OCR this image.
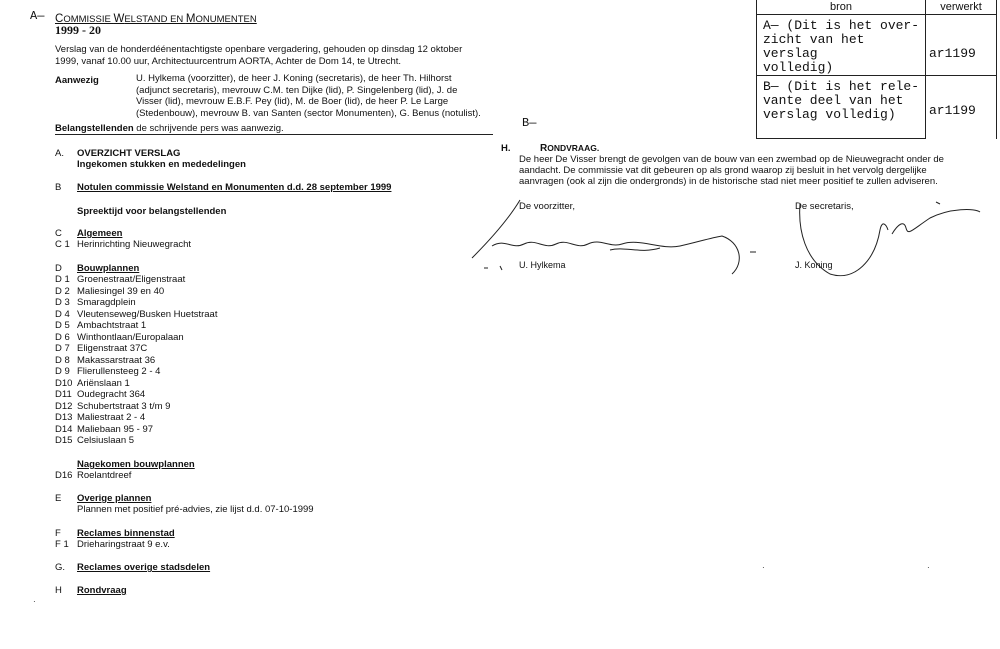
A— COMMISSIE WELSTAND EN MONUMENTEN
1999 - 20
Verslag van de honderdéénentachtigste openbare vergadering, gehouden op dinsdag 12 oktober
1999, vanaf 10.00 uur, Architectuurcentrum AORTA, Achter de Dom 14, te Utrecht.
Aanwezig	U. Hylkema (voorzitter), de heer J. Koning (secretaris), de heer Th. Hilhorst (adjunct secretaris), mevrouw C.M. ten Dijke (lid), P. Singelenberg (lid), J. de Visser (lid), mevrouw E.B.F. Pey (lid), M. de Boer (lid), de heer P. Le Large (Stedenbouw), mevrouw B. van Santen (sector Monumenten), G. Benus (notulist).
Belangstellenden de schrijvende pers was aanwezig.
A. OVERZICHT VERSLAG
Ingekomen stukken en mededelingen
B Notulen commissie Welstand en Monumenten d.d. 28 september 1999
Spreektijd voor belangstellenden
C Algemeen
C 1 Herinrichting Nieuwegracht
D Bouwplannen
D 1 Groenestraat/Eligenstraat
D 2 Maliesingel 39 en 40
D 3 Smaragdplein
D 4 Vleutenseweg/Busken Huetstraat
D 5 Ambachtstraat 1
D 6 Winthontlaan/Europalaan
D 7 Eligenstraat 37C
D 8 Makassarstraat 36
D 9 Flierullensteeg 2 - 4
D10 Ariënslaan 1
D11 Oudegracht 364
D12 Schubertstraat 3 t/m 9
D13 Maliestraat 2 - 4
D14 Maliebaan 95 - 97
D15 Celsiuslaan 5
Nagekomen bouwplannen
D16 Roelantdreef
E Overige plannen
Plannen met positief pré-advies, zie lijst d.d. 07-10-1999
F Reclames binnenstad
F 1 Drieharingstraat 9 e.v.
G. Reclames overige stadsdelen
H Rondvraag
·
·	·
B—
H.	RONDVRAAG.
De heer De Visser brengt de gevolgen van de bouw van een zwembad op de Nieuwegracht onder de
aandacht. De commissie vat dit gebeuren op als grond waarop zij besluit in het vervolg dergelijke
aanvragen (ook al zijn die ondergronds) in de historische stad niet meer positief te zullen adviseren.
De voorzitter,
U. Hylkema
De secretaris,
J. Koning
bron	verwerkt

A— (Dit is het over-
zicht van het verslag
volledig)	ar1199

B— (Dit is het rele-
vante deel van het
verslag volledig)	ar1199
